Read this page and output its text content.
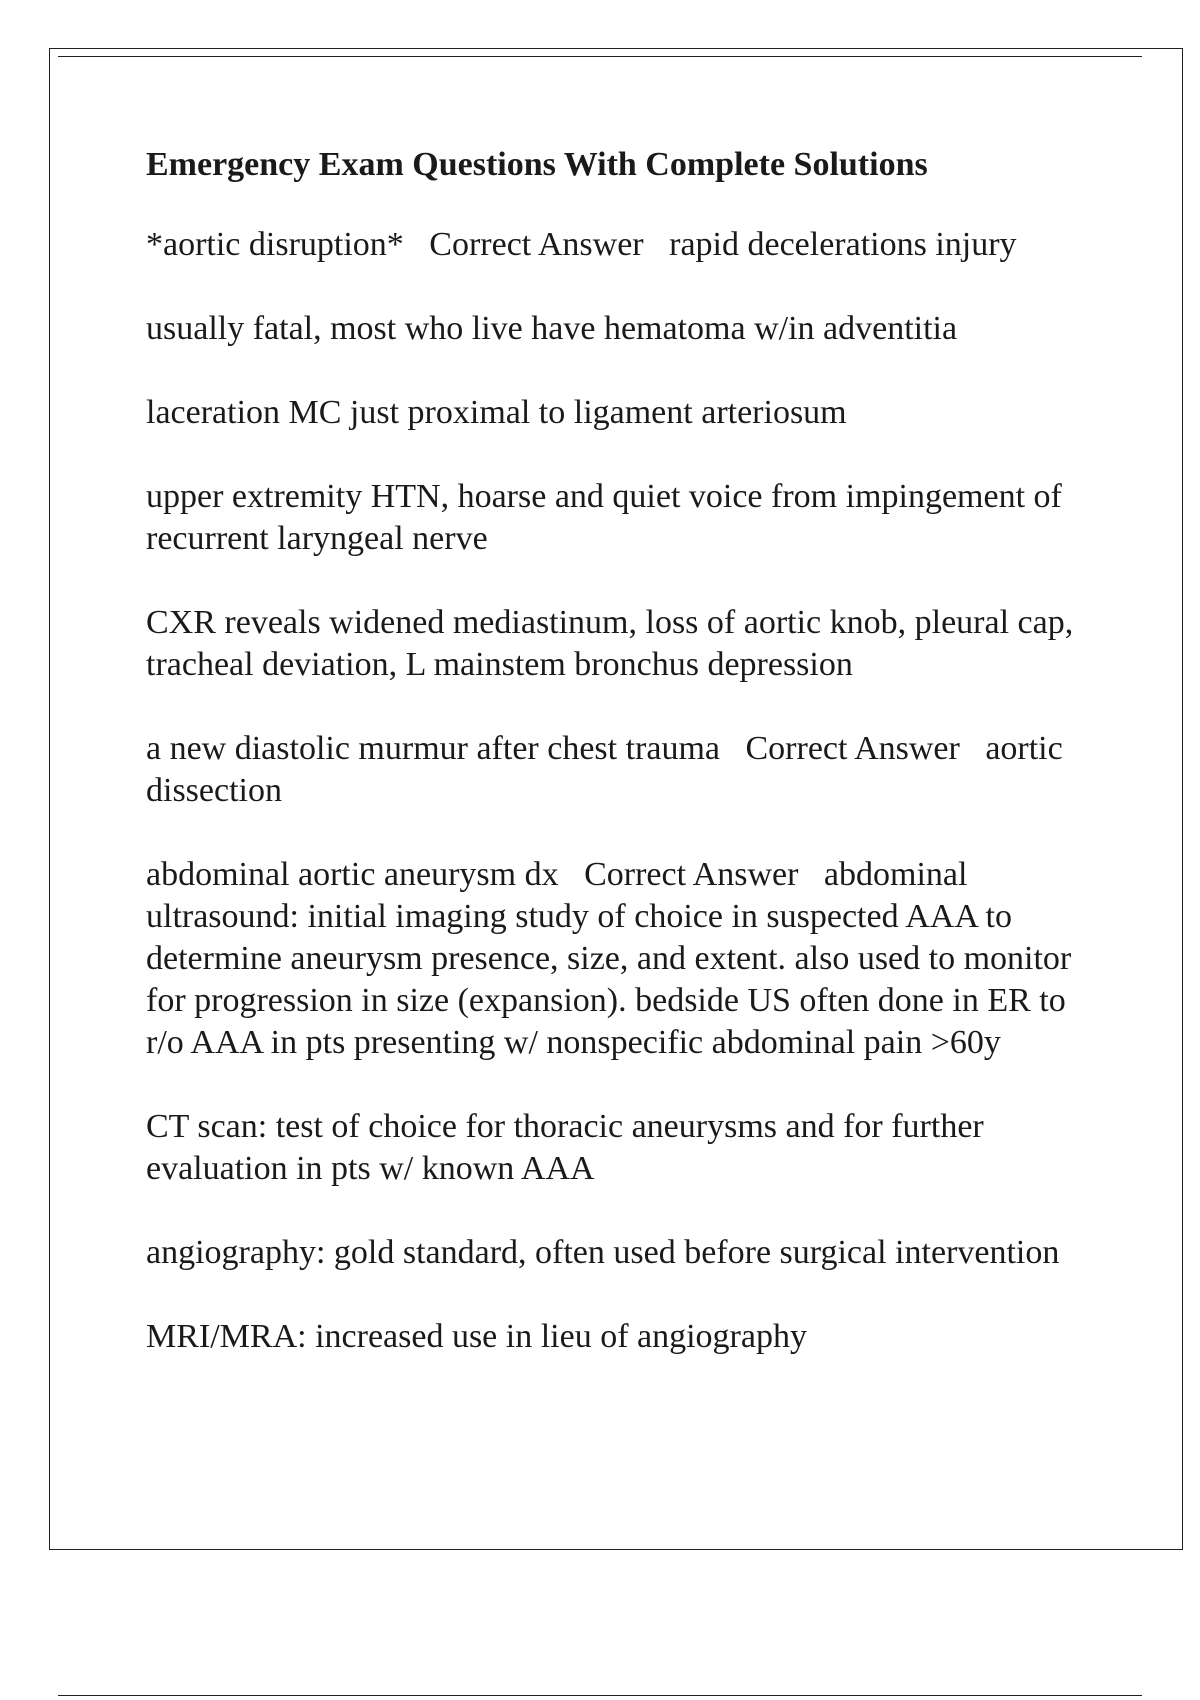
Emergency Exam Questions With Complete Solutions
*aortic disruption*   Correct Answer   rapid decelerations injury
usually fatal, most who live have hematoma w/in adventitia
laceration MC just proximal to ligament arteriosum
upper extremity HTN, hoarse and quiet voice from impingement of recurrent laryngeal nerve
CXR reveals widened mediastinum, loss of aortic knob, pleural cap, tracheal deviation, L mainstem bronchus depression
a new diastolic murmur after chest trauma   Correct Answer   aortic dissection
abdominal aortic aneurysm dx   Correct Answer   abdominal ultrasound: initial imaging study of choice in suspected AAA to determine aneurysm presence, size, and extent. also used to monitor for progression in size (expansion). bedside US often done in ER to r/o AAA in pts presenting w/ nonspecific abdominal pain >60y
CT scan: test of choice for thoracic aneurysms and for further evaluation in pts w/ known AAA
angiography: gold standard, often used before surgical intervention
MRI/MRA: increased use in lieu of angiography
